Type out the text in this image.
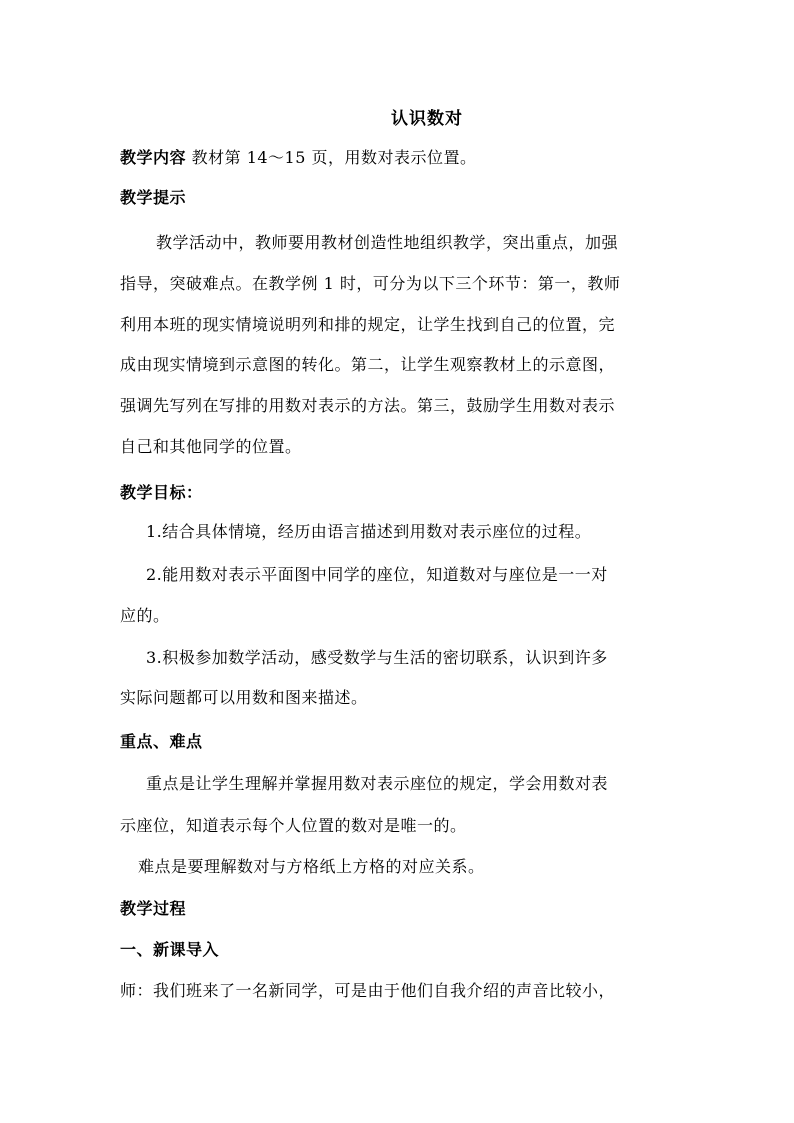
认识数对
教学内容 教材第 14～15 页，用数对表示位置。
教学提示
教学活动中，教师要用教材创造性地组织教学，突出重点，加强
指导，突破难点。在教学例 1 时，可分为以下三个环节：第一，教师
利用本班的现实情境说明列和排的规定，让学生找到自己的位置，完
成由现实情境到示意图的转化。第二，让学生观察教材上的示意图，
强调先写列在写排的用数对表示的方法。第三，鼓励学生用数对表示
自己和其他同学的位置。
教学目标：
1.结合具体情境，经历由语言描述到用数对表示座位的过程。
2.能用数对表示平面图中同学的座位，知道数对与座位是一一对
应的。
3.积极参加数学活动，感受数学与生活的密切联系，认识到许多
实际问题都可以用数和图来描述。
重点、难点
重点是让学生理解并掌握用数对表示座位的规定，学会用数对表
示座位，知道表示每个人位置的数对是唯一的。
难点是要理解数对与方格纸上方格的对应关系。
教学过程
一、新课导入
师：我们班来了一名新同学，可是由于他们自我介绍的声音比较小，
